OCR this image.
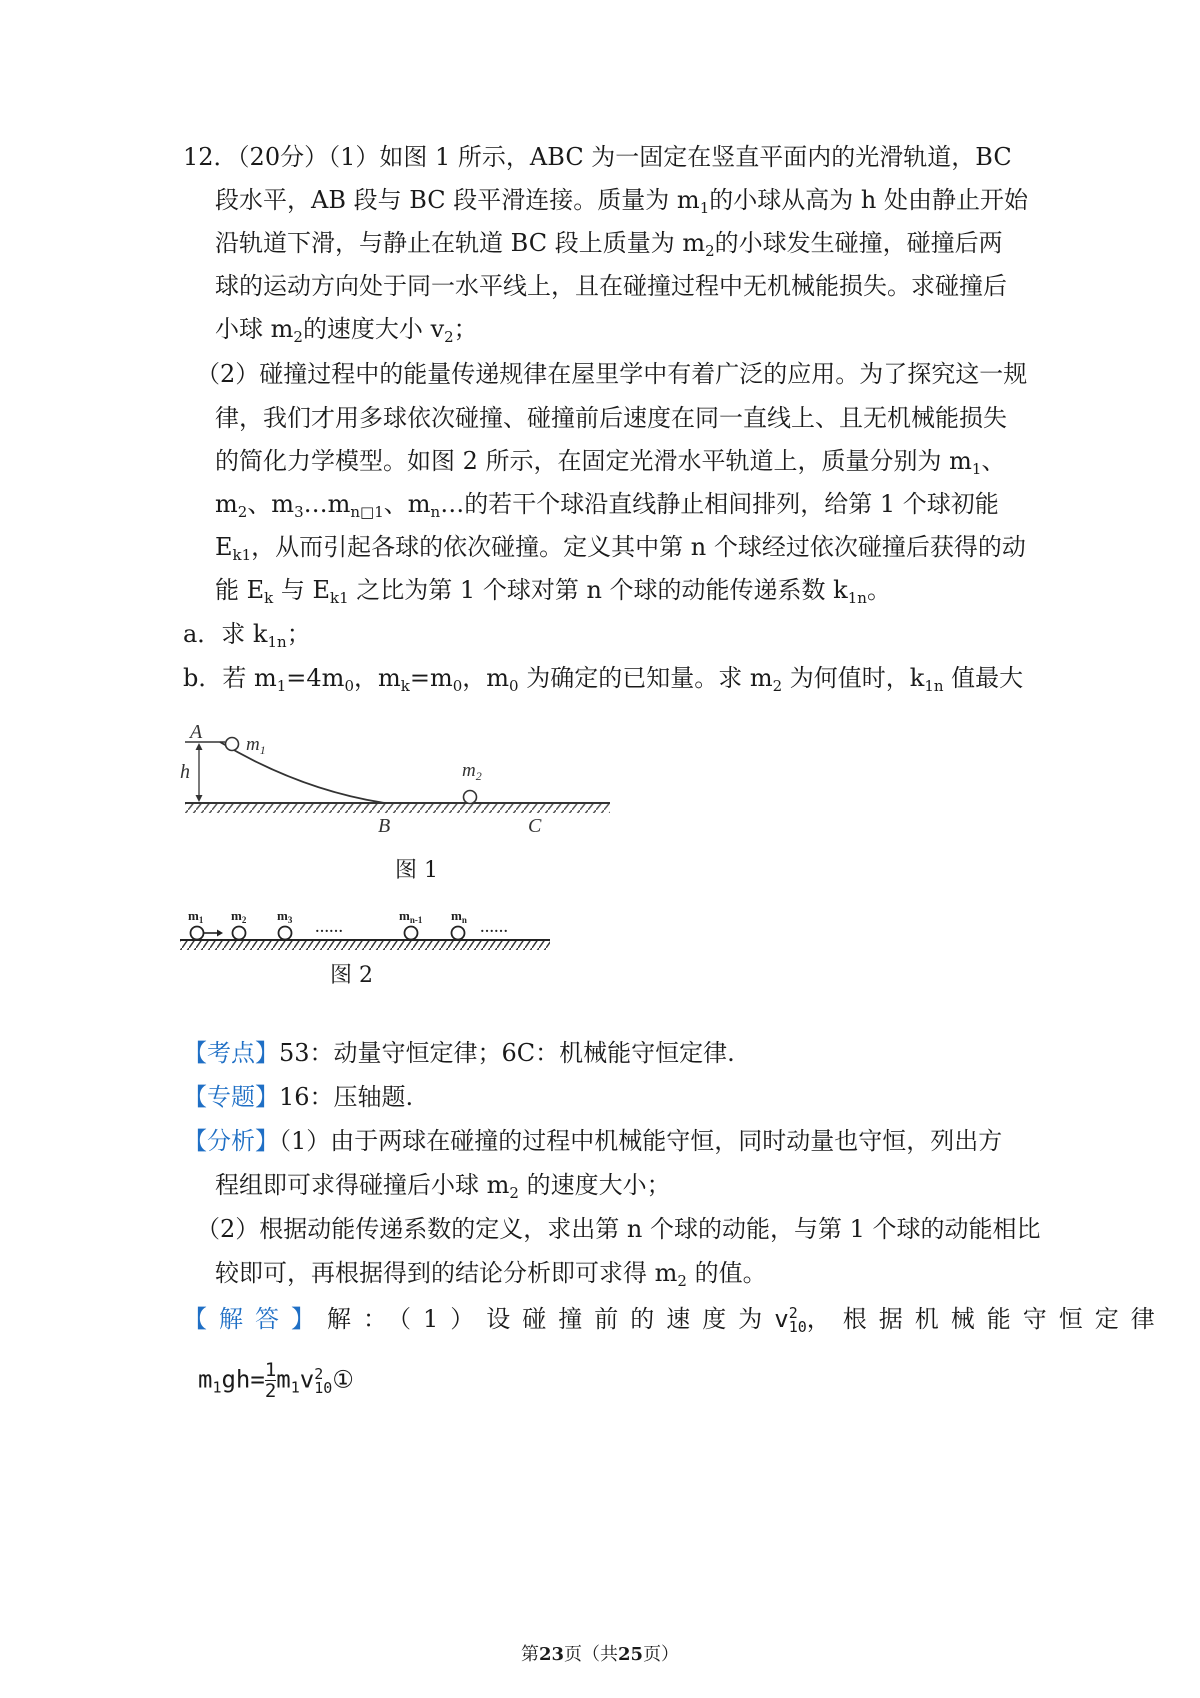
12．（20分）（1）如图 1 所示，ABC 为一固定在竖直平面内的光滑轨道，BC
段水平，AB 段与 BC 段平滑连接。质量为 $m_1$的小球从高为 h 处由静止开始
沿轨道下滑，与静止在轨道 BC 段上质量为 $m_2$的小球发生碰撞，碰撞后两
球的运动方向处于同一水平线上，且在碰撞过程中无机械能损失。求碰撞后
小球 $m_2$的速度大小 $v_2$；
（2）碰撞过程中的能量传递规律在屋里学中有着广泛的应用。为了探究这一规
律，我们才用多球依次碰撞、碰撞前后速度在同一直线上、且无机械能损失
的简化力学模型。如图 2 所示，在固定光滑水平轨道上，质量分别为 $m_1$、
$m_2$、$m_3\dots m_{n□1}$、$m_n\dots$的若干个球沿直线静止相间排列，给第 1 个球初能
$E_{k1}$，从而引起各球的依次碰撞。定义其中第 n 个球经过依次碰撞后获得的动
能 $E_k$ 与 $E_{k1}$ 之比为第 1 个球对第 n 个球的动能传递系数 $k_{1n}$。
a．求 $k_{1n}$；
b．若 $m_1=4m_0$，$m_k=m_0$，$m_0$ 为确定的已知量。求 $m_2$ 为何值时，$k_{1n}$ 值最大
A
$m_1$
h	$m_2$
B	C
图 1
……	……
$m_1$ $m_2$ $m_3$	$m_{n-1}$ $m_n$
图 2
【考点】53：动量守恒定律；6C：机械能守恒定律.
【专题】16：压轴题.
【分析】（1）由于两球在碰撞的过程中机械能守恒，同时动量也守恒，列出方
程组即可求得碰撞后小球 $m_2$ 的速度大小；
（2）根据动能传递系数的定义，求出第 n 个球的动能，与第 1 个球的动能相比
较即可，再根据得到的结论分析即可求得 $m_2$ 的值。
【解答】解：（1）设碰撞前的速度为v 2
10 ，根据机械能守恒定律
$m_1gh= \frac{1}{2} m_1v$ 2
10 ①
第23页（共25页）
